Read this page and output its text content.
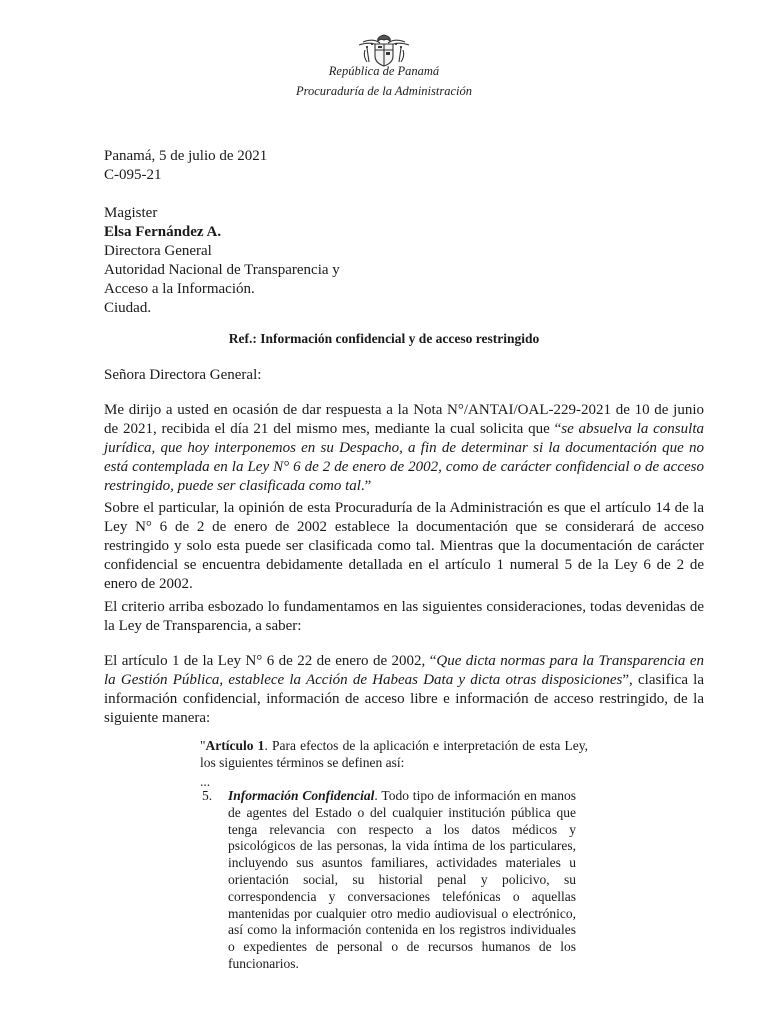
República de Panamá
Procuraduría de la Administración
Panamá, 5 de julio de 2021
C-095-21
Magister
Elsa Fernández A.
Directora General
Autoridad Nacional de Transparencia y
Acceso a la Información.
Ciudad.
Ref.: Información confidencial y de acceso restringido
Señora Directora General:
Me dirijo a usted en ocasión de dar respuesta a la Nota N°/ANTAI/OAL-229-2021 de 10 de junio de 2021, recibida el día 21 del mismo mes, mediante la cual solicita que “se absuelva la consulta jurídica, que hoy interponemos en su Despacho, a fin de determinar si la documentación que no está contemplada en la Ley N° 6 de 2 de enero de 2002, como de carácter confidencial o de acceso restringido, puede ser clasificada como tal.”
Sobre el particular, la opinión de esta Procuraduría de la Administración es que el artículo 14 de la Ley N° 6 de 2 de enero de 2002 establece la documentación que se considerará de acceso restringido y solo esta puede ser clasificada como tal. Mientras que la documentación de carácter confidencial se encuentra debidamente detallada en el artículo 1 numeral 5 de la Ley 6 de 2 de enero de 2002.
El criterio arriba esbozado lo fundamentamos en las siguientes consideraciones, todas devenidas de la Ley de Transparencia, a saber:
El artículo 1 de la Ley N° 6 de 22 de enero de 2002, “Que dicta normas para la Transparencia en la Gestión Pública, establece la Acción de Habeas Data y dicta otras disposiciones”, clasifica la información confidencial, información de acceso libre e información de acceso restringido, de la siguiente manera:
"Artículo 1. Para efectos de la aplicación e interpretación de esta Ley, los siguientes términos se definen así:
...
5. Información Confidencial. Todo tipo de información en manos de agentes del Estado o del cualquier institución pública que tenga relevancia con respecto a los datos médicos y psicológicos de las personas, la vida íntima de los particulares, incluyendo sus asuntos familiares, actividades materiales u orientación social, su historial penal y policivo, su correspondencia y conversaciones telefónicas o aquellas mantenidas por cualquier otro medio audiovisual o electrónico, así como la información contenida en los registros individuales o expedientes de personal o de recursos humanos de los funcionarios.
